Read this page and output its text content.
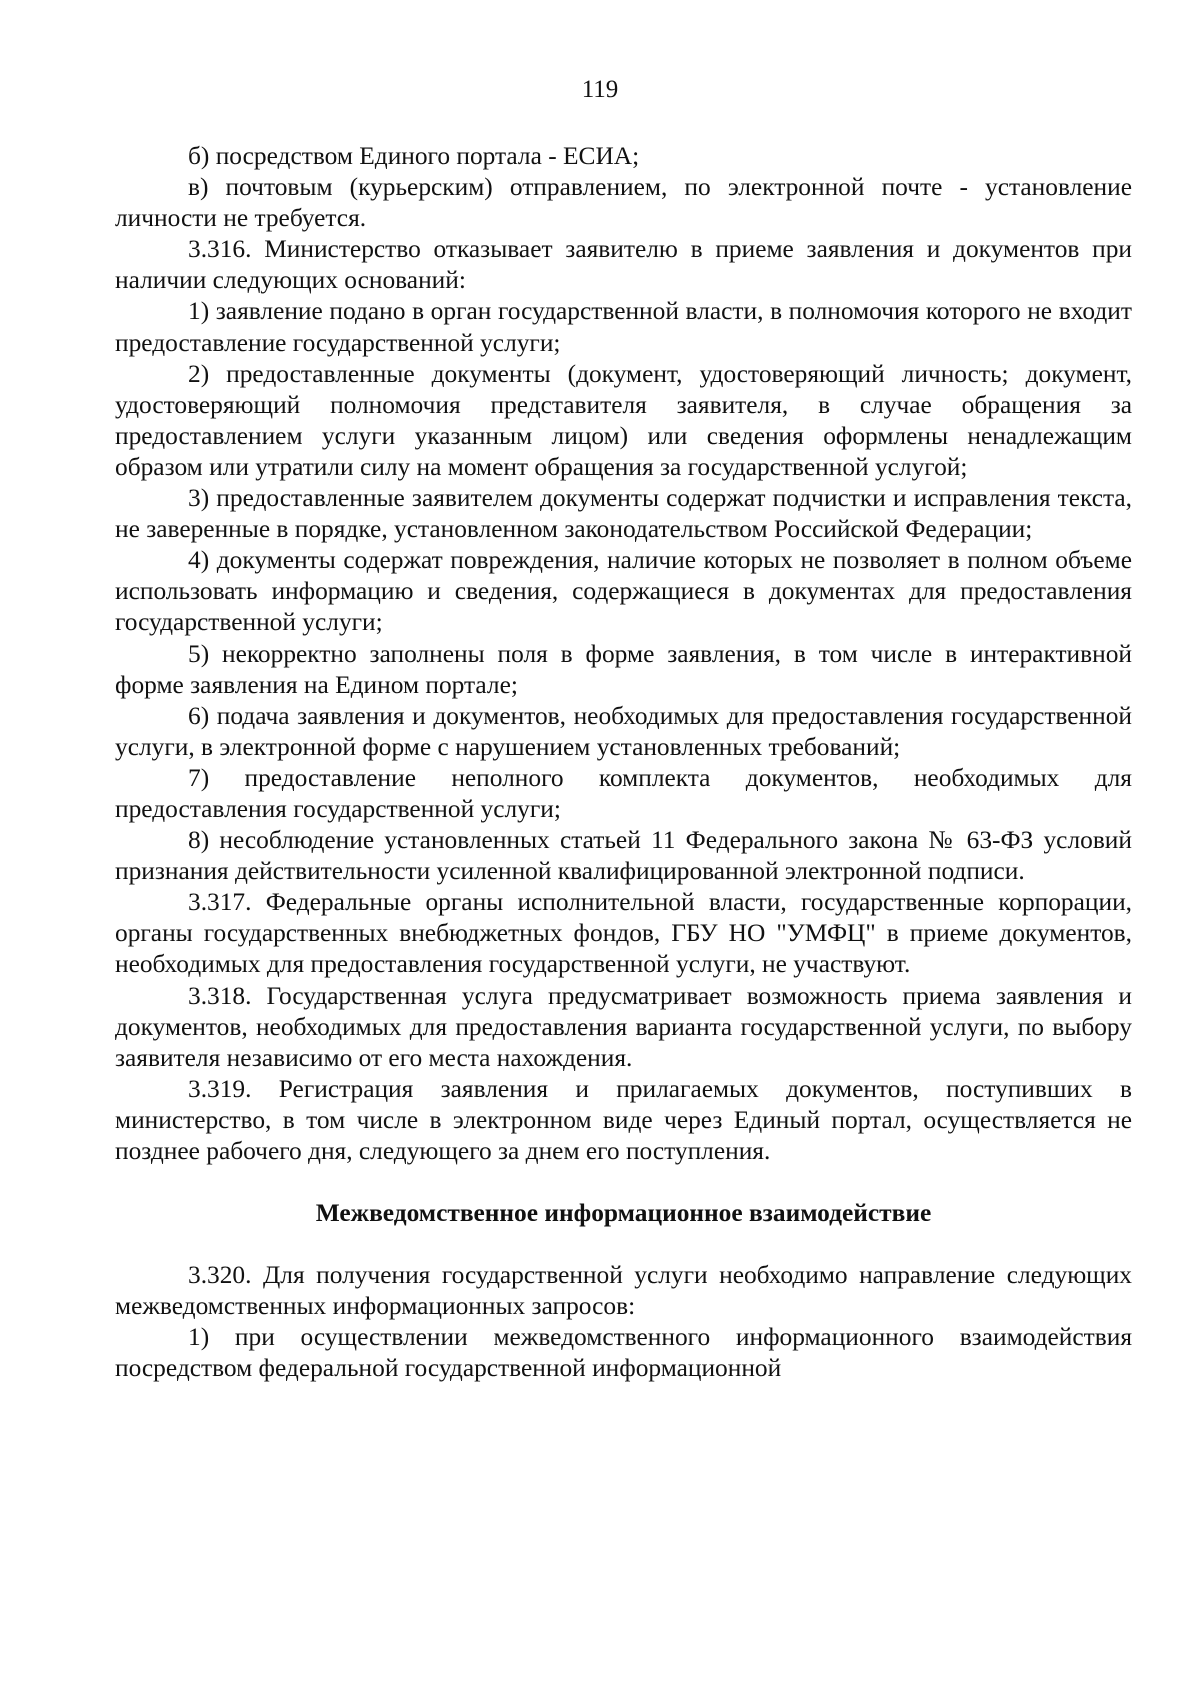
119

б) посредством Единого портала - ЕСИА;

в) почтовым (курьерским) отправлением, по электронной почте - установление личности не требуется.

3.316. Министерство отказывает заявителю в приеме заявления и документов при наличии следующих оснований:

1) заявление подано в орган государственной власти, в полномочия которого не входит предоставление государственной услуги;

2) предоставленные документы (документ, удостоверяющий личность; документ, удостоверяющий полномочия представителя заявителя, в случае обращения за предоставлением услуги указанным лицом) или сведения оформлены ненадлежащим образом или утратили силу на момент обращения за государственной услугой;

3) предоставленные заявителем документы содержат подчистки и исправления текста, не заверенные в порядке, установленном законодательством Российской Федерации;

4) документы содержат повреждения, наличие которых не позволяет в полном объеме использовать информацию и сведения, содержащиеся в документах для предоставления государственной услуги;

5) некорректно заполнены поля в форме заявления, в том числе в интерактивной форме заявления на Едином портале;

6) подача заявления и документов, необходимых для предоставления государственной услуги, в электронной форме с нарушением установленных требований;

7) предоставление неполного комплекта документов, необходимых для предоставления государственной услуги;

8) несоблюдение установленных статьей 11 Федерального закона № 63-ФЗ условий признания действительности усиленной квалифицированной электронной подписи.

3.317. Федеральные органы исполнительной власти, государственные корпорации, органы государственных внебюджетных фондов, ГБУ НО "УМФЦ" в приеме документов, необходимых для предоставления государственной услуги, не участвуют.

3.318. Государственная услуга предусматривает возможность приема заявления и документов, необходимых для предоставления варианта государственной услуги, по выбору заявителя независимо от его места нахождения.

3.319. Регистрация заявления и прилагаемых документов, поступивших в министерство, в том числе в электронном виде через Единый портал, осуществляется не позднее рабочего дня, следующего за днем его поступления.

Межведомственное информационное взаимодействие

3.320. Для получения государственной услуги необходимо направление следующих межведомственных информационных запросов:

1) при осуществлении межведомственного информационного взаимодействия посредством федеральной государственной информационной
